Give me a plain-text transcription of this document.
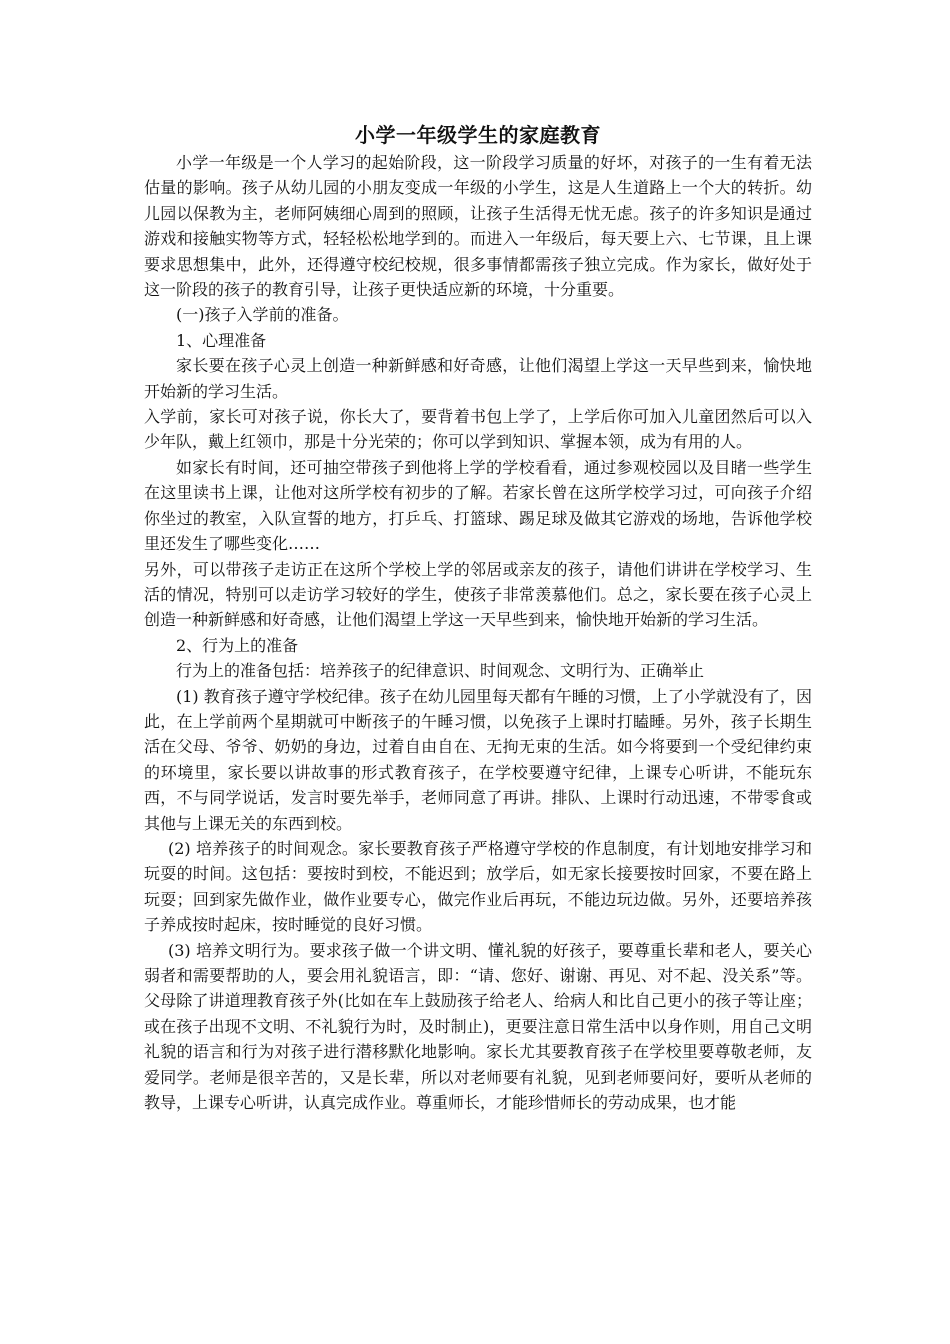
小学一年级学生的家庭教育

小学一年级是一个人学习的起始阶段，这一阶段学习质量的好坏，对孩子的一生有着无法估量的影响。孩子从幼儿园的小朋友变成一年级的小学生，这是人生道路上一个大的转折。幼儿园以保教为主，老师阿姨细心周到的照顾，让孩子生活得无忧无虑。孩子的许多知识是通过游戏和接触实物等方式，轻轻松松地学到的。而进入一年级后，每天要上六、七节课，且上课要求思想集中，此外，还得遵守校纪校规，很多事情都需孩子独立完成。作为家长，做好处于这一阶段的孩子的教育引导，让孩子更快适应新的环境，十分重要。

(一)孩子入学前的准备。

1、心理准备

家长要在孩子心灵上创造一种新鲜感和好奇感，让他们渴望上学这一天早些到来，愉快地开始新的学习生活。

入学前，家长可对孩子说，你长大了，要背着书包上学了，上学后你可加入儿童团然后可以入少年队，戴上红领巾，那是十分光荣的；你可以学到知识、掌握本领，成为有用的人。

如家长有时间，还可抽空带孩子到他将上学的学校看看，通过参观校园以及目睹一些学生在这里读书上课，让他对这所学校有初步的了解。若家长曾在这所学校学习过，可向孩子介绍你坐过的教室，入队宣誓的地方，打乒乓、打篮球、踢足球及做其它游戏的场地，告诉他学校里还发生了哪些变化……

另外，可以带孩子走访正在这所个学校上学的邻居或亲友的孩子，请他们讲讲在学校学习、生活的情况，特别可以走访学习较好的学生，使孩子非常羡慕他们。总之，家长要在孩子心灵上创造一种新鲜感和好奇感，让他们渴望上学这一天早些到来，愉快地开始新的学习生活。

2、行为上的准备

行为上的准备包括：培养孩子的纪律意识、时间观念、文明行为、正确举止

(1) 教育孩子遵守学校纪律。孩子在幼儿园里每天都有午睡的习惯，上了小学就没有了，因此，在上学前两个星期就可中断孩子的午睡习惯，以免孩子上课时打瞌睡。另外，孩子长期生活在父母、爷爷、奶奶的身边，过着自由自在、无拘无束的生活。如今将要到一个受纪律约束的环境里，家长要以讲故事的形式教育孩子，在学校要遵守纪律，上课专心听讲，不能玩东西，不与同学说话，发言时要先举手，老师同意了再讲。排队、上课时行动迅速，不带零食或其他与上课无关的东西到校。

(2) 培养孩子的时间观念。家长要教育孩子严格遵守学校的作息制度，有计划地安排学习和玩耍的时间。这包括：要按时到校，不能迟到；放学后，如无家长接要按时回家，不要在路上玩耍；回到家先做作业，做作业要专心，做完作业后再玩，不能边玩边做。另外，还要培养孩子养成按时起床，按时睡觉的良好习惯。

(3) 培养文明行为。要求孩子做一个讲文明、懂礼貌的好孩子，要尊重长辈和老人，要关心弱者和需要帮助的人，要会用礼貌语言，即：“请、您好、谢谢、再见、对不起、没关系”等。父母除了讲道理教育孩子外(比如在车上鼓励孩子给老人、给病人和比自己更小的孩子等让座；或在孩子出现不文明、不礼貌行为时，及时制止)，更要注意日常生活中以身作则，用自己文明礼貌的语言和行为对孩子进行潜移默化地影响。家长尤其要教育孩子在学校里要尊敬老师，友爱同学。老师是很辛苦的，又是长辈，所以对老师要有礼貌，见到老师要问好，要听从老师的教导，上课专心听讲，认真完成作业。尊重师长，才能珍惜师长的劳动成果，也才能
